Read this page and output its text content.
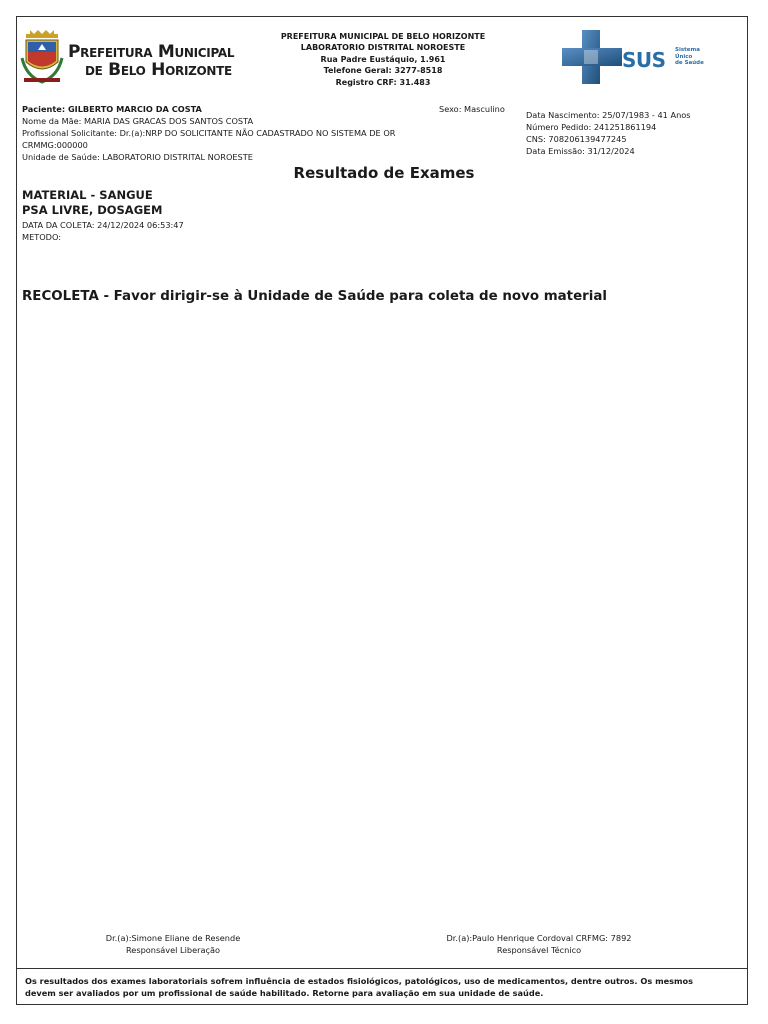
Prefeitura Municipal
de Belo Horizonte
PREFEITURA MUNICIPAL DE BELO HORIZONTE
LABORATORIO DISTRITAL NOROESTE
Rua Padre Eustáquio, 1.961
Telefone Geral: 3277-8518
Registro CRF: 31.483
SUS Sistema
Único
de Saúde
Paciente: GILBERTO MARCIO DA COSTA
Nome da Mãe: MARIA DAS GRACAS DOS SANTOS COSTA
Profissional Solicitante: Dr.(a):NRP DO SOLICITANTE NÃO CADASTRADO NO SISTEMA DE OR
CRMMG:000000
Unidade de Saúde: LABORATORIO DISTRITAL NOROESTE
Sexo: Masculino
Data Nascimento: 25/07/1983 - 41 Anos
Número Pedido: 241251861194
CNS: 708206139477245
Data Emissão: 31/12/2024
Resultado de Exames
MATERIAL - SANGUE
PSA LIVRE, DOSAGEM
DATA DA COLETA: 24/12/2024 06:53:47
METODO:
RECOLETA - Favor dirigir-se à Unidade de Saúde para coleta de novo material
Dr.(a):Simone Eliane de Resende
Responsável Liberação
Dr.(a):Paulo Henrique Cordoval CRFMG: 7892
Responsável Técnico
Os resultados dos exames laboratoriais sofrem influência de estados fisiológicos, patológicos, uso de medicamentos, dentre outros. Os mesmos devem ser avaliados por um profissional de saúde habilitado. Retorne para avaliação em sua unidade de saúde.
